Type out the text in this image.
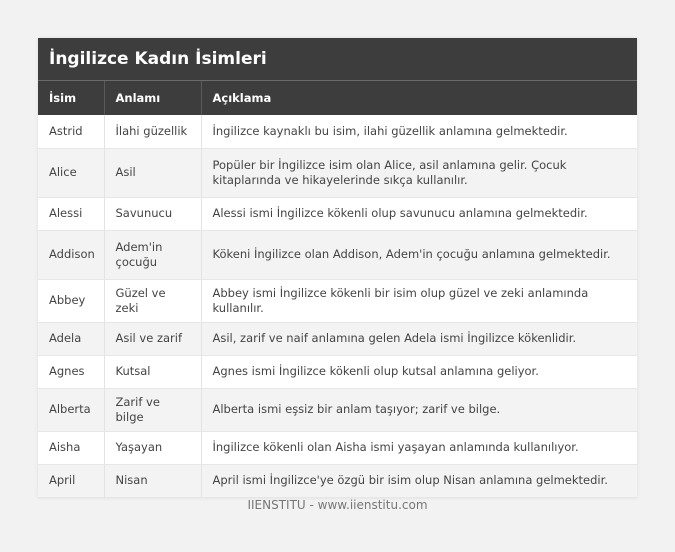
İngilizce Kadın İsimleri
İsim	Anlamı	Açıklama
Astrid	İlahi güzellik	İngilizce kaynaklı bu isim, ilahi güzellik anlamına gelmektedir.
Alice	Asil	Popüler bir İngilizce isim olan Alice, asil anlamına gelir. Çocuk kitaplarında ve hikayelerinde sıkça kullanılır.
Alessi	Savunucu	Alessi ismi İngilizce kökenli olup savunucu anlamına gelmektedir.
Addison	Adem'in çocuğu	Kökeni İngilizce olan Addison, Adem'in çocuğu anlamına gelmektedir.
Abbey	Güzel ve zeki	Abbey ismi İngilizce kökenli bir isim olup güzel ve zeki anlamında kullanılır.
Adela	Asil ve zarif	Asil, zarif ve naif anlamına gelen Adela ismi İngilizce kökenlidir.
Agnes	Kutsal	Agnes ismi İngilizce kökenli olup kutsal anlamına geliyor.
Alberta	Zarif ve bilge	Alberta ismi eşsiz bir anlam taşıyor; zarif ve bilge.
Aisha	Yaşayan	İngilizce kökenli olan Aisha ismi yaşayan anlamında kullanılıyor.
April	Nisan	April ismi İngilizce'ye özgü bir isim olup Nisan anlamına gelmektedir.
IIENSTITU - www.iienstitu.com
